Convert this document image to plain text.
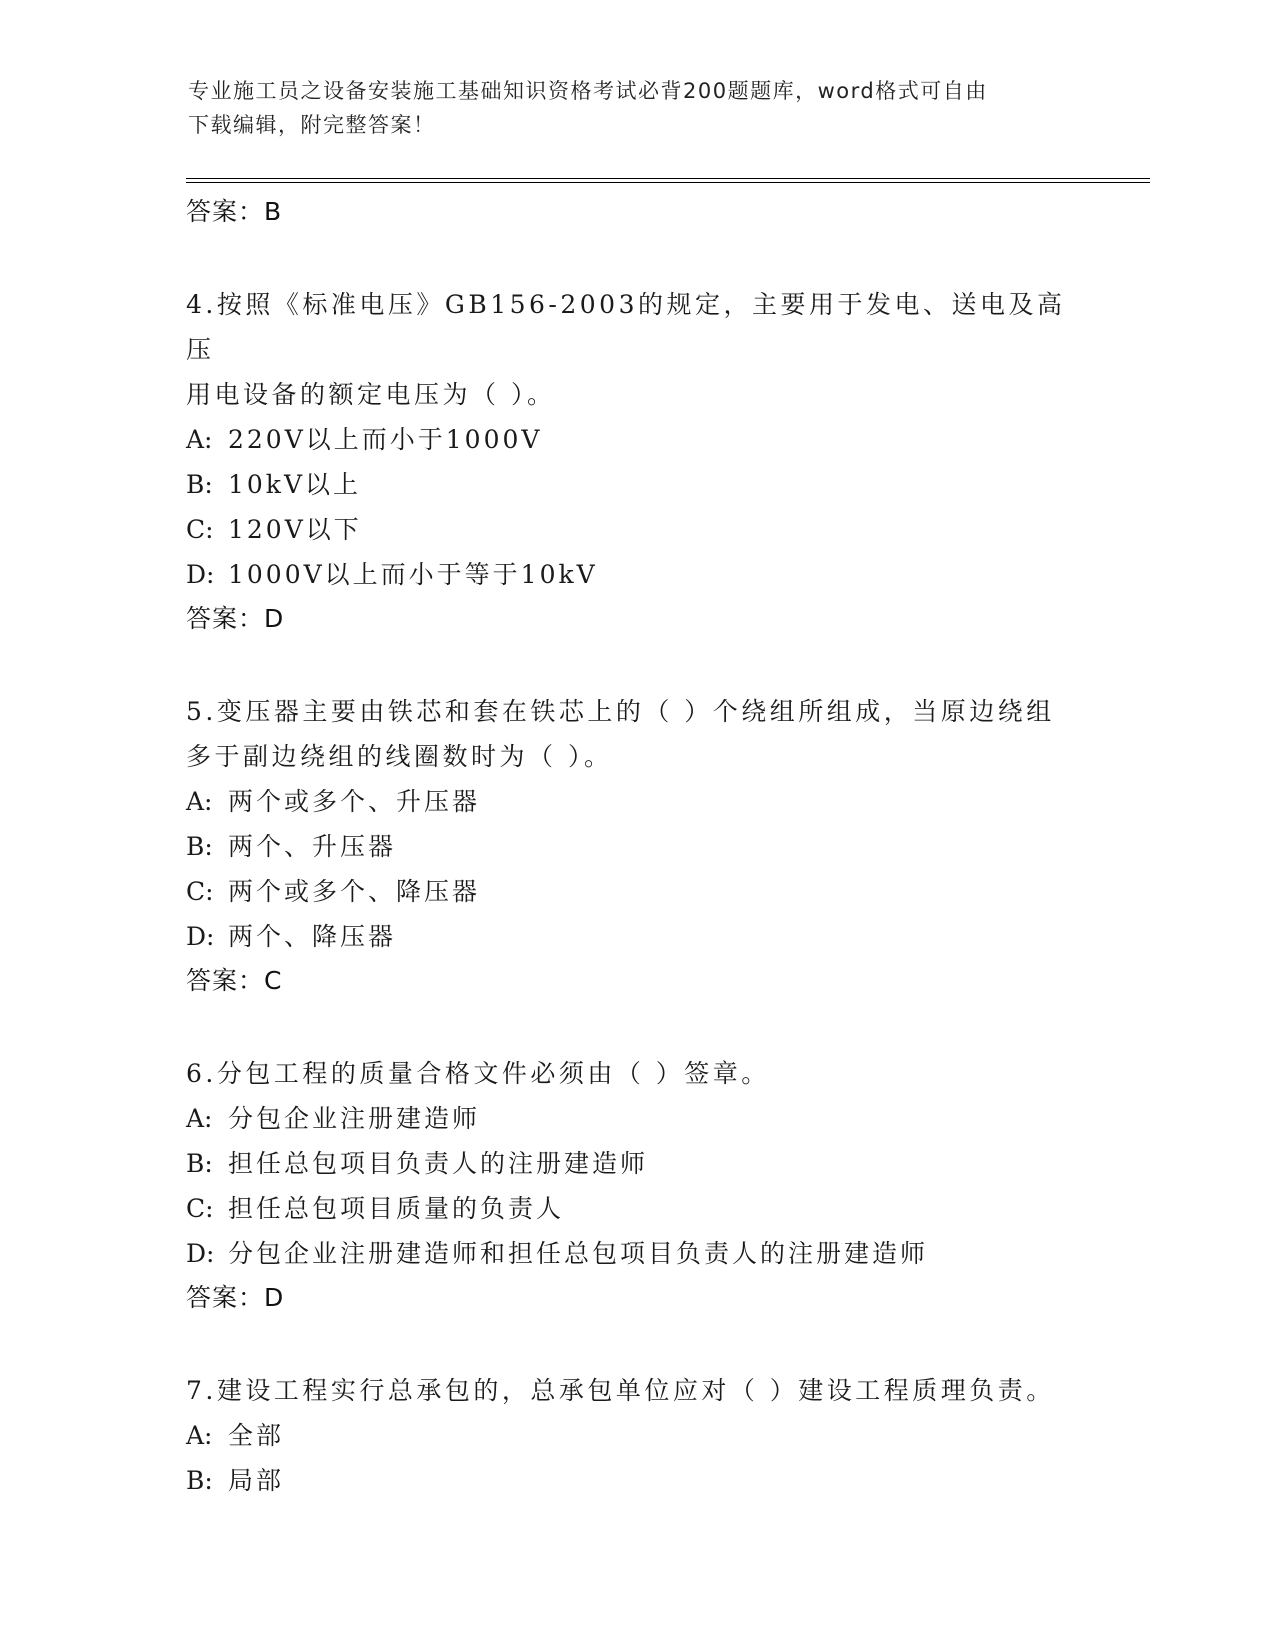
专业施工员之设备安装施工基础知识资格考试必背200题题库，word格式可自由
下载编辑，附完整答案！
答案：B
4.按照《标准电压》GB156-2003的规定，主要用于发电、送电及高压
用电设备的额定电压为（ ）。
A: 220V以上而小于1000V
B: 10kV以上
C: 120V以下
D: 1000V以上而小于等于10kV
答案：D
5.变压器主要由铁芯和套在铁芯上的（ ）个绕组所组成，当原边绕组
多于副边绕组的线圈数时为（ ）。
A: 两个或多个、升压器
B: 两个、升压器
C: 两个或多个、降压器
D: 两个、降压器
答案：C
6.分包工程的质量合格文件必须由（ ）签章。
A: 分包企业注册建造师
B: 担任总包项目负责人的注册建造师
C: 担任总包项目质量的负责人
D: 分包企业注册建造师和担任总包项目负责人的注册建造师
答案：D
7.建设工程实行总承包的，总承包单位应对（ ）建设工程质理负责。
A: 全部
B: 局部
